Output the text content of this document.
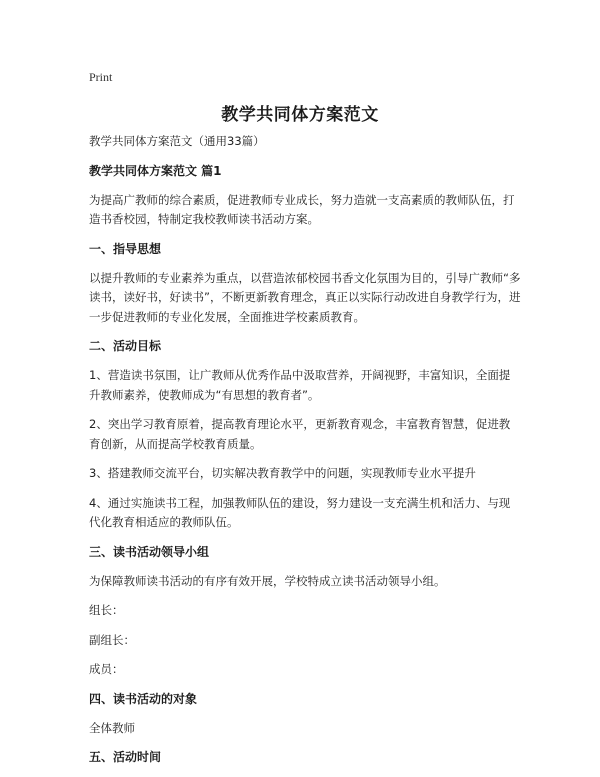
Print
教学共同体方案范文

教学共同体方案范文（通用33篇）

教学共同体方案范文 篇1

为提高广教师的综合素质，促进教师专业成长，努力造就一支高素质的教师队伍，打造书香校园，特制定我校教师读书活动方案。

一、指导思想

以提升教师的专业素养为重点，以营造浓郁校园书香文化氛围为目的，引导广教师“多读书，读好书，好读书”，不断更新教育理念，真正以实际行动改进自身教学行为，进一步促进教师的专业化发展，全面推进学校素质教育。

二、活动目标

1、营造读书氛围，让广教师从优秀作品中汲取营养，开阔视野，丰富知识，全面提升教师素养，使教师成为“有思想的教育者”。

2、突出学习教育原着，提高教育理论水平，更新教育观念，丰富教育智慧，促进教育创新，从而提高学校教育质量。

3、搭建教师交流平台，切实解决教育教学中的问题，实现教师专业水平提升

4、通过实施读书工程，加强教师队伍的建设，努力建设一支充满生机和活力、与现代化教育相适应的教师队伍。

三、读书活动领导小组

为保障教师读书活动的有序有效开展，学校特成立读书活动领导小组。

组长：

副组长：

成员：

四、读书活动的对象

全体教师

五、活动时间
